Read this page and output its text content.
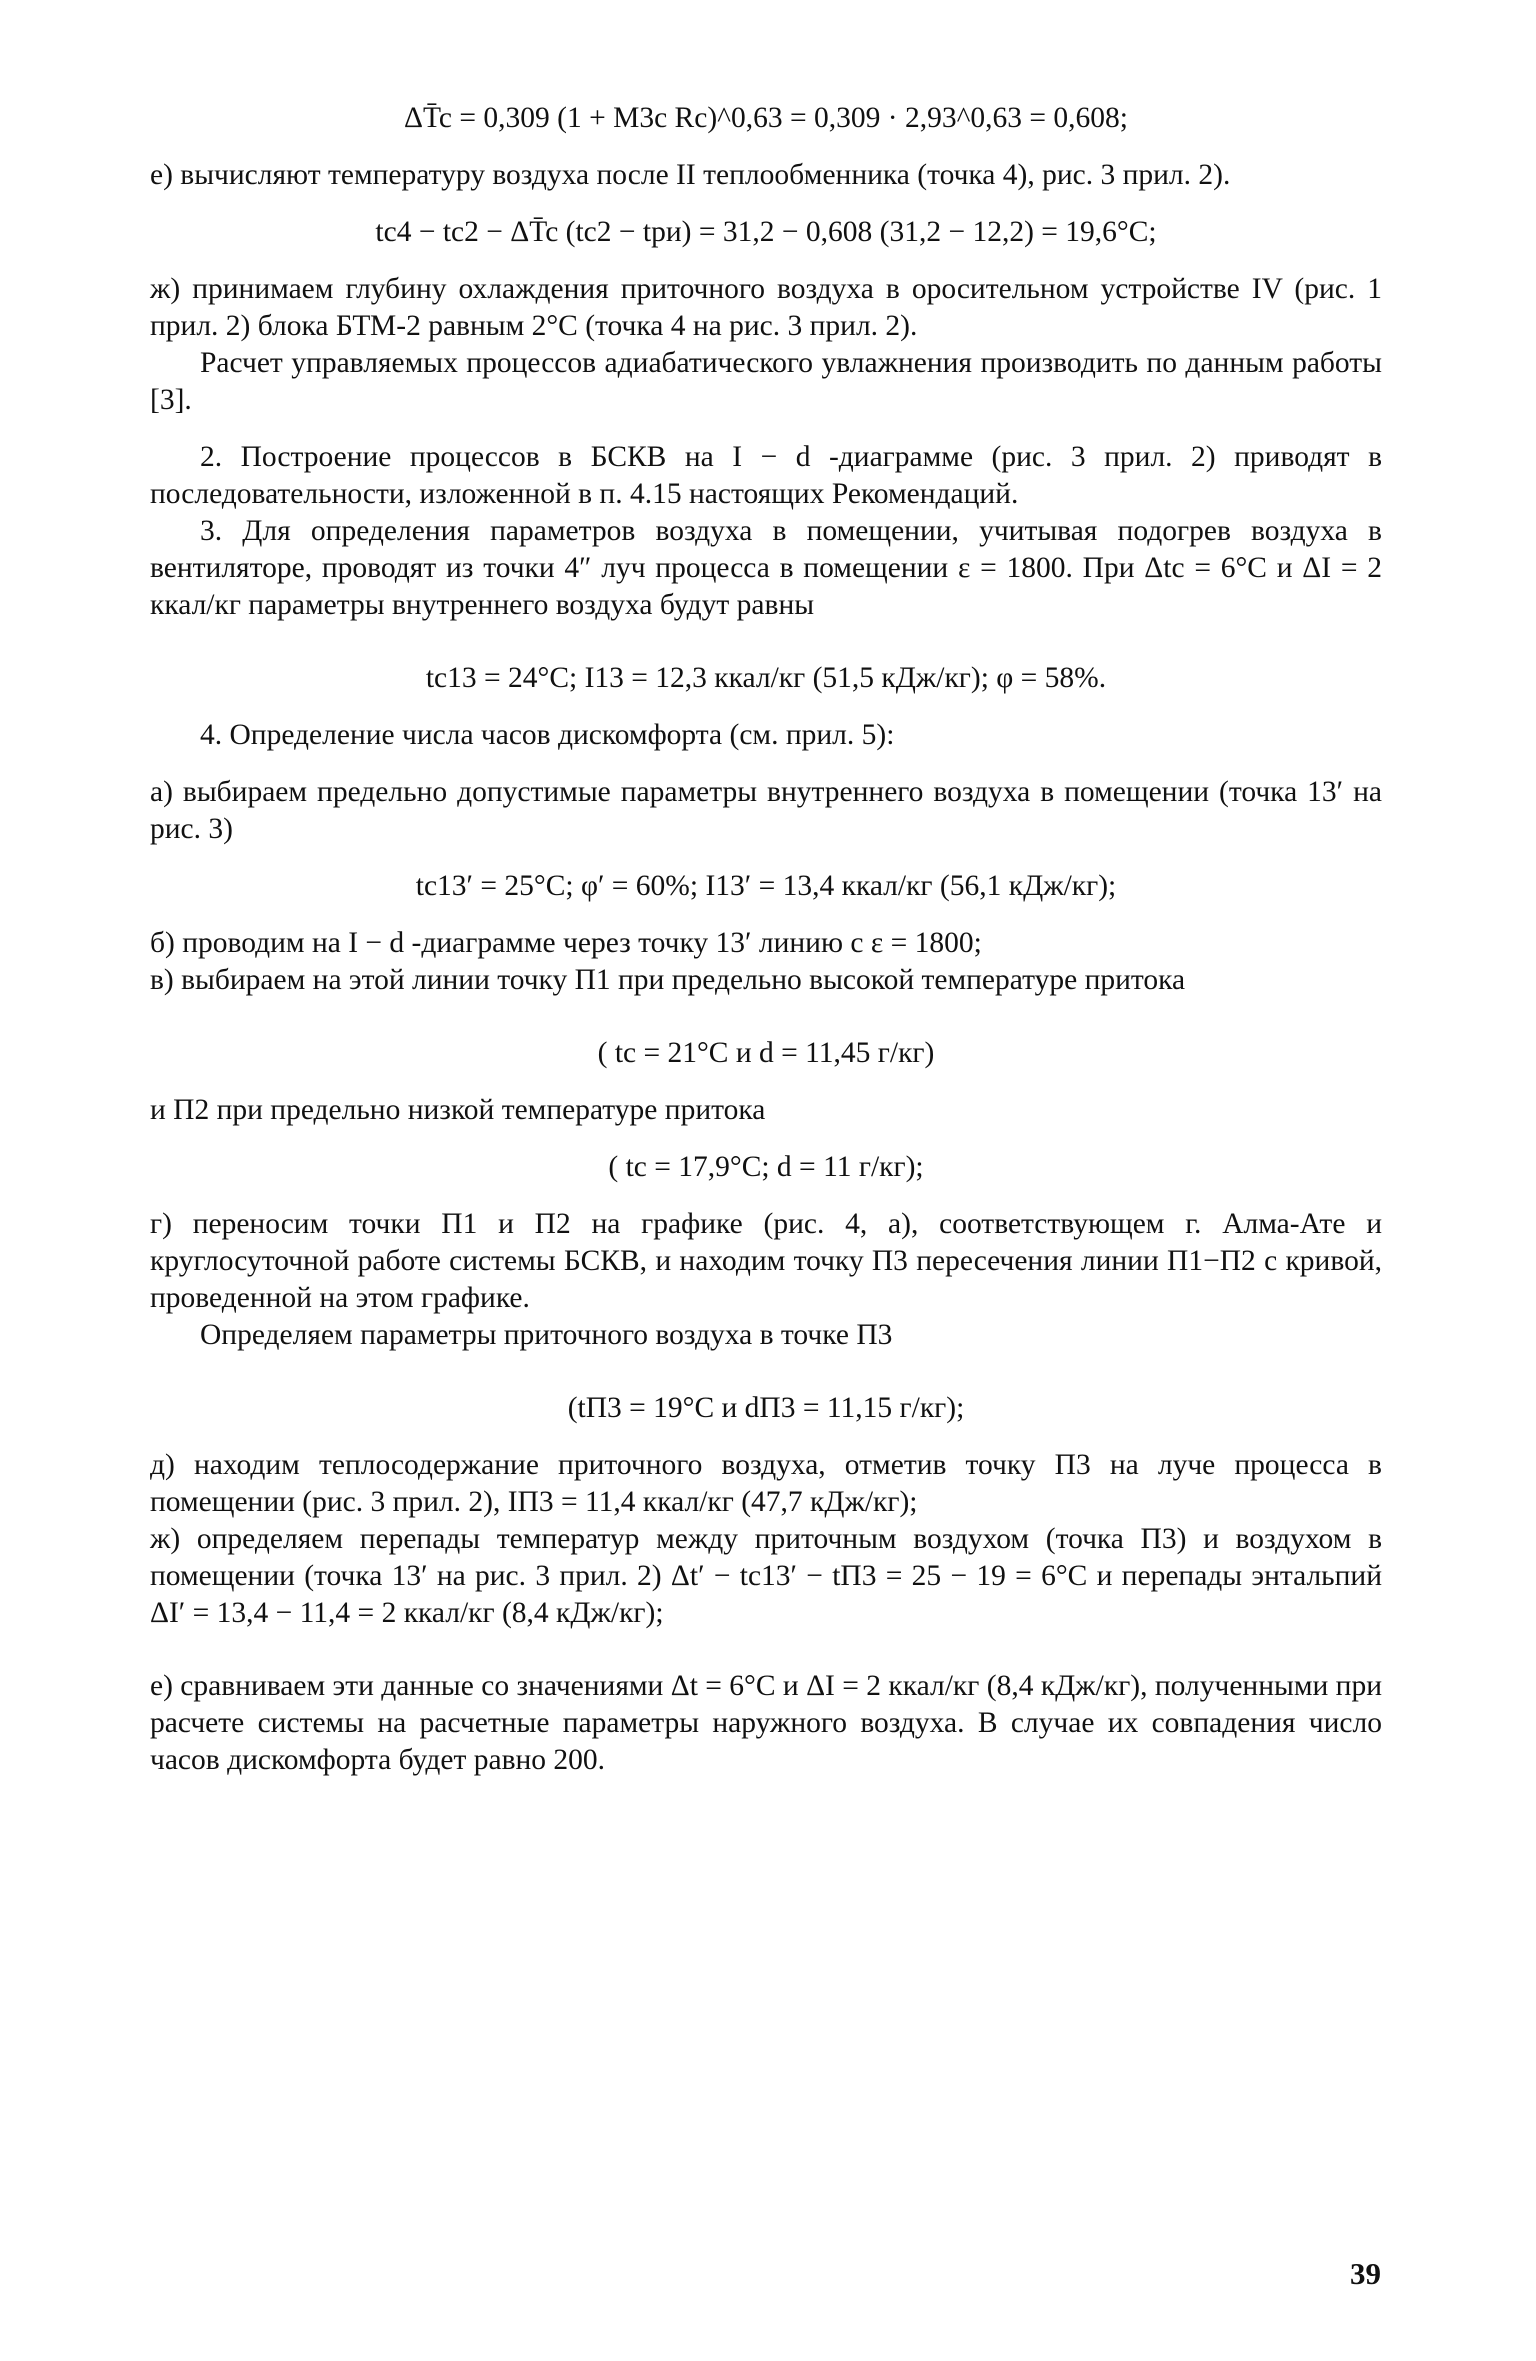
ΔT̄c = 0,309 (1 + M3c Rc)^0,63 = 0,309 · 2,93^0,63 = 0,608;

е) вычисляют температуру воздуха после II теплообменника (точка 4), рис. 3 прил. 2).

tc4 − tc2 − ΔT̄c (tc2 − tри) = 31,2 − 0,608 (31,2 − 12,2) = 19,6°С;

ж) принимаем глубину охлаждения приточного воздуха в оросительном устройстве IV (рис. 1 прил. 2) блока БТМ-2 равным 2°С (точка 4 на рис. 3 прил. 2).

Расчет управляемых процессов адиабатического увлажнения производить по данным работы [3].

2. Построение процессов в БСКВ на I − d -диаграмме (рис. 3 прил. 2) приводят в последовательности, изложенной в п. 4.15 настоящих Рекомендаций.

3. Для определения параметров воздуха в помещении, учитывая подогрев воздуха в вентиляторе, проводят из точки 4″ луч процесса в помещении ε = 1800. При Δtc = 6°С и ΔI = 2 ккал/кг параметры внутреннего воздуха будут равны

tc13 = 24°С; I13 = 12,3 ккал/кг (51,5 кДж/кг); φ = 58%.

4. Определение числа часов дискомфорта (см. прил. 5):

а) выбираем предельно допустимые параметры внутреннего воздуха в помещении (точка 13′ на рис. 3)

tc13′ = 25°С; φ′ = 60%; I13′ = 13,4 ккал/кг (56,1 кДж/кг);

б) проводим на I − d -диаграмме через точку 13′ линию с ε = 1800;

в) выбираем на этой линии точку П1 при предельно высокой температуре притока

( tc = 21°С и d = 11,45 г/кг)

и П2 при предельно низкой температуре притока

( tc = 17,9°С; d = 11 г/кг);

г) переносим точки П1 и П2 на графике (рис. 4, а), соответствующем г. Алма-Ате и круглосуточной работе системы БСКВ, и находим точку П3 пересечения линии П1−П2 с кривой, проведенной на этом графике.

Определяем параметры приточного воздуха в точке П3

(tП3 = 19°С и dП3 = 11,15 г/кг);

д) находим теплосодержание приточного воздуха, отметив точку П3 на луче процесса в помещении (рис. 3 прил. 2), IП3 = 11,4 ккал/кг (47,7 кДж/кг);

ж) определяем перепады температур между приточным воздухом (точка П3) и воздухом в помещении (точка 13′ на рис. 3 прил. 2) Δt′ − tc13′ − tП3 = 25 − 19 = 6°С и перепады энтальпий ΔI′ = 13,4 − 11,4 = 2 ккал/кг (8,4 кДж/кг);

е) сравниваем эти данные со значениями Δt = 6°С и ΔI = 2 ккал/кг (8,4 кДж/кг), полученными при расчете системы на расчетные параметры наружного воздуха. В случае их совпадения число часов дискомфорта будет равно 200.

39
